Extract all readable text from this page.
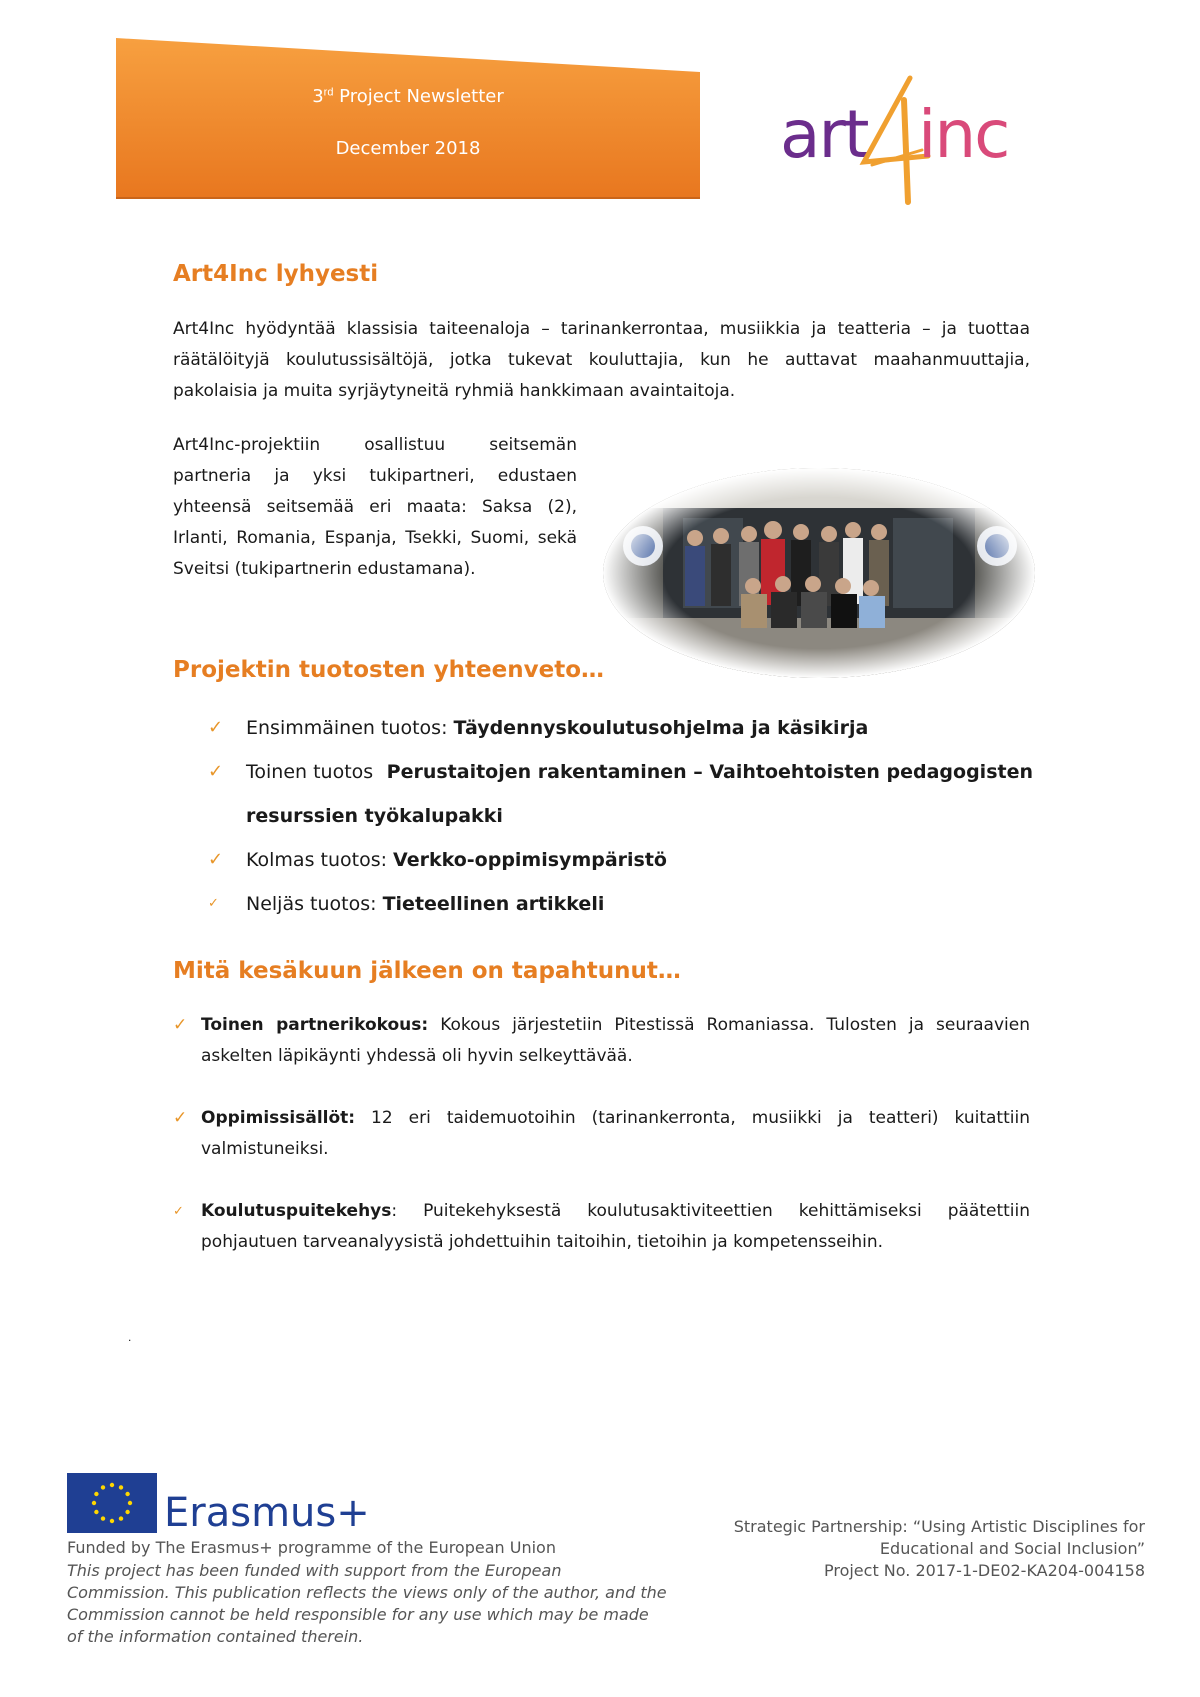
3rd Project Newsletter
December 2018	art inc
Art4Inc lyhyesti

Art4Inc hyödyntää klassisia taiteenaloja – tarinankerrontaa, musiikkia ja teatteria – ja tuottaa räätälöityjä koulutussisältöjä, jotka tukevat kouluttajia, kun he auttavat maahanmuuttajia, pakolaisia ja muita syrjäytyneitä ryhmiä hankkimaan avaintaitoja.

Art4Inc-projektiin osallistuu seitsemän partneria ja yksi tukipartneri, edustaen yhteensä seitsemää eri maata: Saksa (2), Irlanti, Romania, Espanja, Tsekki, Suomi, sekä Sveitsi (tukipartnerin edustamana).

Projektin tuotosten yhteenveto…
✓ Ensimmäinen tuotos: Täydennyskoulutusohjelma ja käsikirja
✓ Toinen tuotos Perustaitojen rakentaminen – Vaihtoehtoisten pedagogisten
resurssien työkalupakki
✓ Kolmas tuotos: Verkko-oppimisympäristö
✓ Neljäs tuotos: Tieteellinen artikkeli
Mitä kesäkuun jälkeen on tapahtunut…
✓ Toinen partnerikokous: Kokous järjestetiin Pitestissä Romaniassa. Tulosten ja seuraavien askelten läpikäynti yhdessä oli hyvin selkeyttävää.
✓ Oppimissisällöt: 12 eri taidemuotoihin (tarinankerronta, musiikki ja teatteri) kuitattiin valmistuneiksi.
✓ Koulutuspuitekehys: Puitekehyksestä koulutusaktiviteettien kehittämiseksi päätettiin pohjautuen tarveanalyysistä johdettuihin taitoihin, tietoihin ja kompetensseihin.
.
Erasmus+
Funded by The Erasmus+ programme of the European Union
This project has been funded with support from the European Commission. This publication reflects the views only of the author, and the Commission cannot be held responsible for any use which may be made of the information contained therein.
Strategic Partnership: “Using Artistic Disciplines for
Educational and Social Inclusion”
Project No. 2017-1-DE02-KA204-004158
